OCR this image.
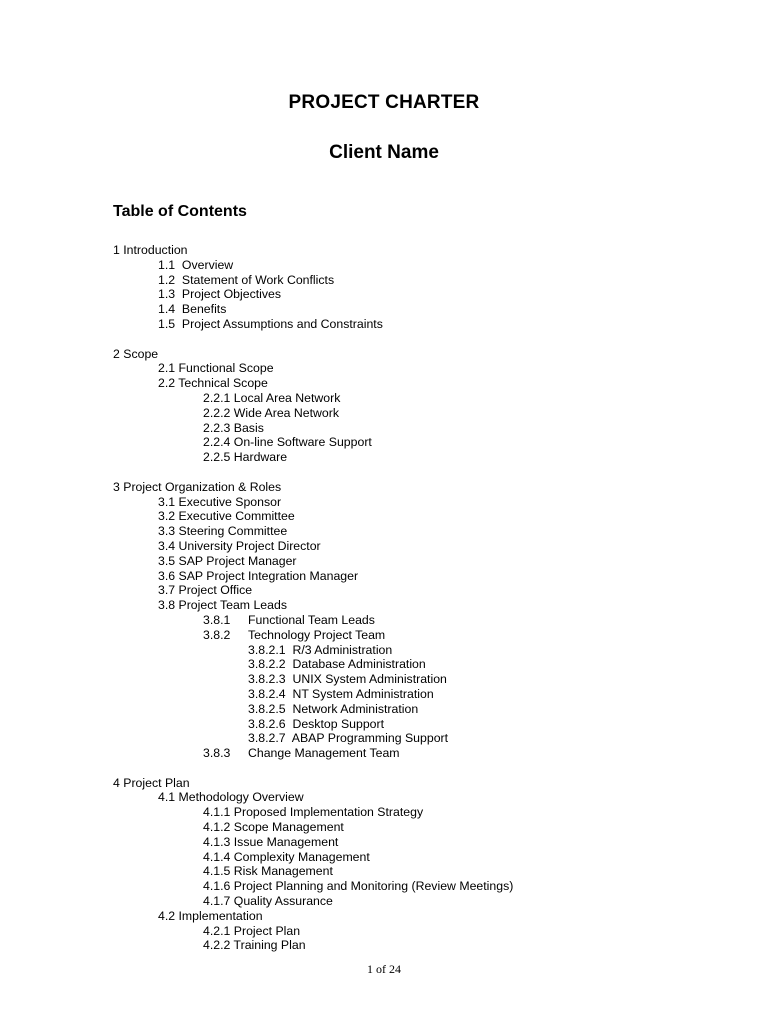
PROJECT CHARTER
Client Name
Table of Contents
1 Introduction
1.1  Overview
1.2  Statement of Work Conflicts
1.3  Project Objectives
1.4  Benefits
1.5  Project Assumptions and Constraints
2 Scope
2.1 Functional Scope
2.2 Technical Scope
2.2.1 Local Area Network
2.2.2 Wide Area Network
2.2.3 Basis
2.2.4 On-line Software Support
2.2.5 Hardware
3 Project Organization & Roles
3.1 Executive Sponsor
3.2 Executive Committee
3.3 Steering Committee
3.4 University Project Director
3.5 SAP Project Manager
3.6 SAP Project Integration Manager
3.7 Project Office
3.8 Project Team Leads
3.8.1 Functional Team Leads
3.8.2 Technology Project Team
3.8.2.1  R/3 Administration
3.8.2.2  Database Administration
3.8.2.3  UNIX System Administration
3.8.2.4  NT System Administration
3.8.2.5  Network Administration
3.8.2.6  Desktop Support
3.8.2.7  ABAP Programming Support
3.8.3 Change Management Team
4 Project Plan
4.1 Methodology Overview
4.1.1 Proposed Implementation Strategy
4.1.2 Scope Management
4.1.3 Issue Management
4.1.4 Complexity Management
4.1.5 Risk Management
4.1.6 Project Planning and Monitoring (Review Meetings)
4.1.7 Quality Assurance
4.2 Implementation
4.2.1 Project Plan
4.2.2 Training Plan

1 of 24
